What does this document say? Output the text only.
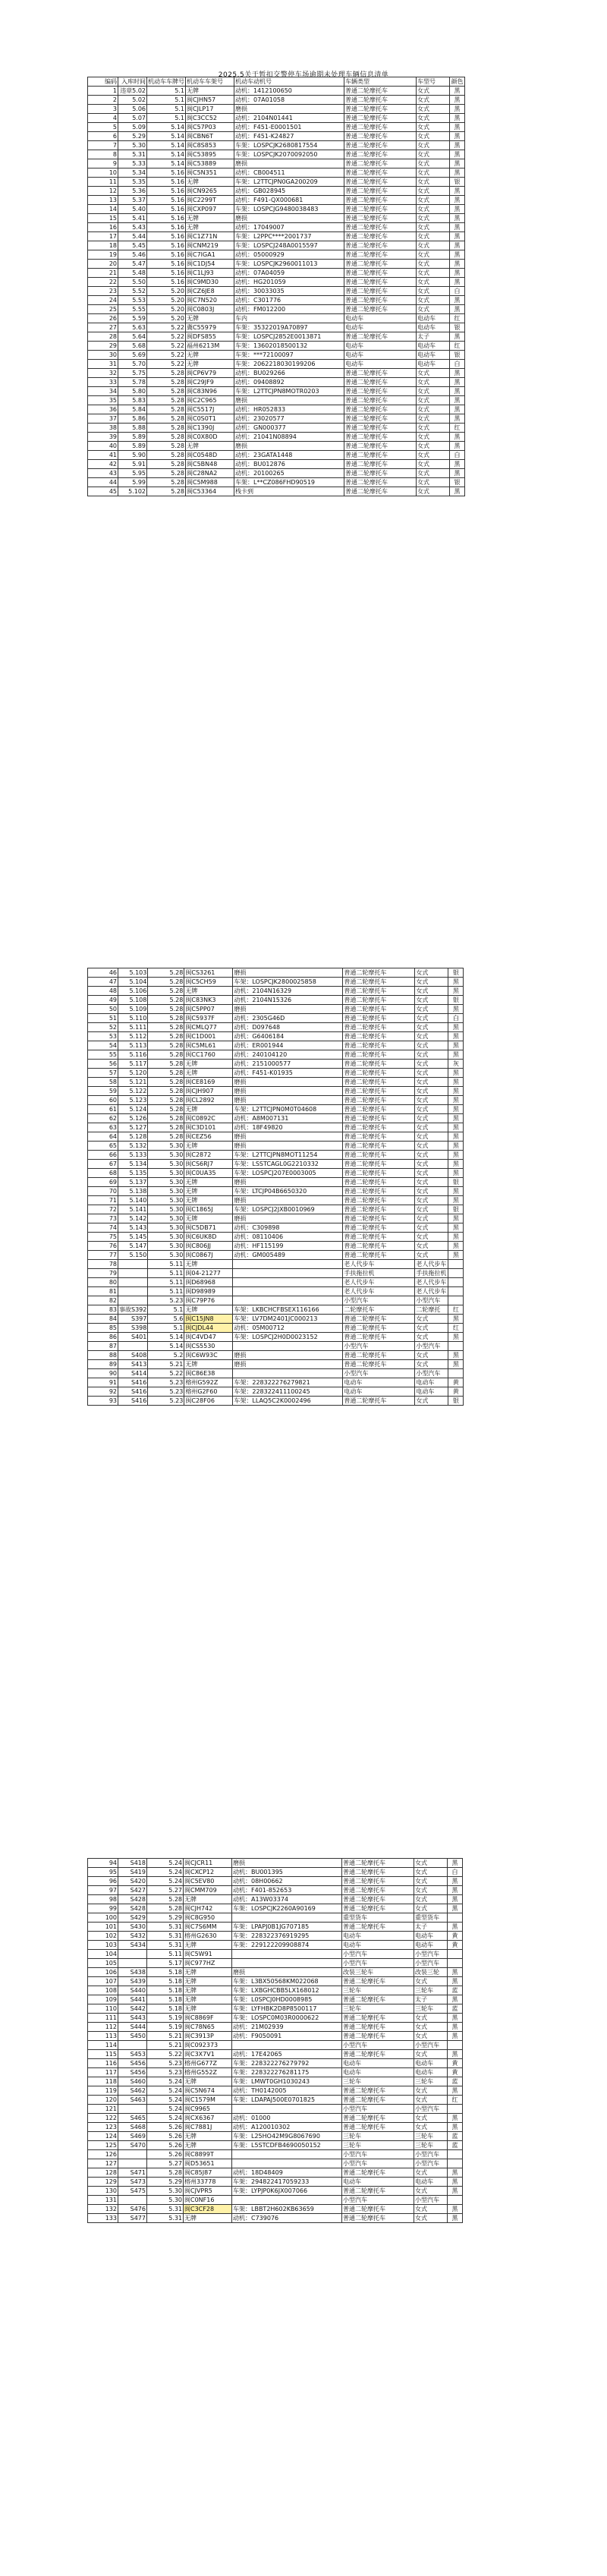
2025.5关于暂扣交警停车场逾期未处理车辆信息清单
编码	入库时间	机动车车牌号	机动车车架号	机动车动机号	车辆类型	车型号	颜色
1	违章5.02	5.1	无牌	动机：1412100650	普通二轮摩托车	女式	黑
2	5.02	5.1	闽CJHN57	动机：07A01058	普通二轮摩托车	女式	黑
3	5.06	5.1	闽CJLP17	磨损	普通二轮摩托车	女式	黑
4	5.07	5.1	闽C3CC52	动机：2104N01441	普通二轮摩托车	女式	黑
5	5.09	5.14	闽C57P03	动机：F451-E0001501	普通二轮摩托车	女式	黑
6	5.29	5.14	闽CBN6T	动机：F451-K24827	普通二轮摩托车	女式	黑
7	5.30	5.14	闽C8S853	车架：LOSPCJK2680817554	普通二轮摩托车	女式	黑
8	5.31	5.14	闽C53895	车架：LOSPCJK2070092050	普通二轮摩托车	女式	黑
9	5.33	5.14	闽C53889	磨损	普通二轮摩托车	女式	黑
10	5.34	5.16	闽C5N351	动机：CB004511	普通二轮摩托车	女式	黑
11	5.35	5.16	无牌	车架：L2TTCJPN0GA200209	普通二轮摩托车	女式	银
12	5.36	5.16	闽CN9265	动机：GB028945	普通二轮摩托车	女式	黑
13	5.37	5.16	闽C2299T	动机：F491-QX000681	普通二轮摩托车	女式	黑
14	5.40	5.16	闽CXP097	车架：LOSPCJG9480038483	普通二轮摩托车	女式	黑
15	5.41	5.16	无牌	磨损	普通二轮摩托车	女式	黑
16	5.43	5.16	无牌	动机：17049007	普通二轮摩托车	女式	黑
17	5.44	5.16	闽C1Z71N	车架：L2PPC****2001737	普通二轮摩托车	女式	黑
18	5.45	5.16	闽CNM219	车架：LOSPCJ248A0015597	普通二轮摩托车	女式	黑
19	5.46	5.16	闽C7IGA1	动机：05000929	普通二轮摩托车	女式	黑
20	5.47	5.16	闽C1DJ54	车架：LOSPCJK2960011013	普通二轮摩托车	女式	黑
21	5.48	5.16	闽C1LJ93	动机：07A04059	普通二轮摩托车	女式	黑
22	5.50	5.16	闽C9MD30	动机：HG201059	普通二轮摩托车	女式	黑
23	5.52	5.20	闽CZ6JE8	动机：30033035	普通二轮摩托车	女式	白
24	5.53	5.20	闽C7N520	动机：C301776	普通二轮摩托车	女式	黑
25	5.55	5.20	闽C0803J	动机：FM012200	普通二轮摩托车	女式	黑
26	5.59	5.20	无牌	车内	电动车	电动车	红
27	5.63	5.22	冀C55979	车架：35322019A70897	电动车	电动车	银
28	5.64	5.22	闽DFS855	车架：LOSPCJ2852E0013871	普通二轮摩托车	太子	黑
29	5.68	5.22	福州6213M	车架：13602018500132	电动车	电动车	红
30	5.69	5.22	无牌	车架：***72100097	电动车	电动车	银
31	5.70	5.22	无牌	车架：2062218030199206	电动车	电动车	白
32	5.75	5.28	闽CP6V79	动机：BU029266	普通二轮摩托车	女式	黑
33	5.78	5.28	闽C29JF9	动机：09408892	普通二轮摩托车	女式	黑
34	5.80	5.28	闽C83N96	车架：L2TTCJPN8MOTR0203	普通二轮摩托车	女式	黑
35	5.83	5.28	闽C2C965	磨损	普通二轮摩托车	女式	黑
36	5.84	5.28	闽C5517J	动机：HR052833	普通二轮摩托车	女式	黑
37	5.86	5.28	闽C0S0T1	动机：23020577	普通二轮摩托车	女式	黑
38	5.88	5.28	闽C1390J	动机：GN000377	普通二轮摩托车	女式	红
39	5.89	5.28	闽C0X80D	动机：21041N08894	普通二轮摩托车	女式	黑
40	5.89	5.28	无牌	磨损	普通二轮摩托车	女式	黑
41	5.90	5.28	闽C0548D	动机：23GATA1448	普通二轮摩托车	女式	白
42	5.91	5.28	闽C5BN48	动机：BU012876	普通二轮摩托车	女式	黑
43	5.95	5.28	闽C28NA2	动机：20100265	普通二轮摩托车	女式	黑
44	5.99	5.28	闽C5M988	车架：L**CZ086FHD90519	普通二轮摩托车	女式	银
45	5.102	5.28	闽C53364	栈卡到	普通二轮摩托车	女式	黑
46	5.103	5.28	闽CS3261	磨损	普通二轮摩托车	女式	银
47	5.104	5.28	闽C5CH59	车架：LOSPCJK2800025858	普通二轮摩托车	女式	黑
48	5.106	5.28	无牌	动机：2104N16329	普通二轮摩托车	女式	黑
49	5.108	5.28	闽C83NK3	动机：2104N15326	普通二轮摩托车	女式	银
50	5.109	5.28	闽C5PP07	磨损	普通二轮摩托车	女式	黑
51	5.110	5.28	闽C5937F	动机：2305G46D	普通二轮摩托车	女式	白
52	5.111	5.28	闽CMLQ77	动机：D097648	普通二轮摩托车	女式	黑
53	5.112	5.28	闽C1D001	动机：G6406184	普通二轮摩托车	女式	黑
54	5.113	5.28	闽C5ML61	动机：ER001944	普通二轮摩托车	女式	黑
55	5.116	5.28	闽CC1760	动机：240104120	普通二轮摩托车	女式	黑
56	5.117	5.28	无牌	动机：2151000577	普通二轮摩托车	女式	灰
57	5.120	5.28	无牌	动机：F451-K01935	普通二轮摩托车	女式	黑
58	5.121	5.28	闽CE8169	磨损	普通二轮摩托车	女式	黑
59	5.122	5.28	闽CJH907	磨损	普通二轮摩托车	女式	黑
60	5.123	5.28	闽CL2892	磨损	普通二轮摩托车	女式	黑
61	5.124	5.28	无牌	车架：L2TTCJPN0M0T04608	普通二轮摩托车	女式	黑
62	5.126	5.28	闽C0892C	动机：A8M007131	普通二轮摩托车	女式	黑
63	5.127	5.28	闽C3D101	动机：18F49820	普通二轮摩托车	女式	黑
64	5.128	5.28	闽CEZ56	磨损	普通二轮摩托车	女式	黑
65	5.132	5.30	无牌	磨损	普通二轮摩托车	女式	黑
66	5.133	5.30	闽C2872	车架：L2TTCJPN8MOT11254	普通二轮摩托车	女式	黑
67	5.134	5.30	闽CS6RJ7	车架：LSSTCAGL0G2210332	普通二轮摩托车	女式	黑
68	5.135	5.30	闽C0UA35	车架：LOSPCJ207E0003005	普通二轮摩托车	女式	黑
69	5.137	5.30	无牌	磨损	普通二轮摩托车	女式	银
70	5.138	5.30	无牌	车架：LTCJP04B6650320	普通二轮摩托车	女式	黑
71	5.140	5.30	无牌	磨损	普通二轮摩托车	女式	黑
72	5.141	5.30	闽C1865J	车架：LOSPCJ2JXB0010969	普通二轮摩托车	女式	银
73	5.142	5.30	无牌	磨损	普通二轮摩托车	女式	黑
74	5.143	5.30	闽C5DB71	动机：C309898	普通二轮摩托车	女式	黑
75	5.145	5.30	闽C6UK8D	动机：08110406	普通二轮摩托车	女式	黑
76	5.147	5.30	闽C806JJ	动机：HF115199	普通二轮摩托车	女式	黑
77	5.150	5.30	闽C0867J	动机：GM005489	普通二轮摩托车	女式	黑
78		5.11	无牌		老人代步车	老人代步车	
79		5.11	闽04-21277		手扶拖拉机	手扶拖拉机	
80		5.11	闽D68968		老人代步车	老人代步车	
81		5.11	闽D98989		老人代步车	老人代步车	
82		5.23	闽C79P76		小型汽车	小型汽车	
83	事故S392	5.1	无牌	车架：LKBCHCFBSEX116166	二轮摩托车	二轮摩托	红
84	S397	5.6	闽C15JN8	车架：LV7DM2401JC000213	普通二轮摩托车	女式	黑
85	S398	5.1	闽CJDL44	动机：05M00712	普通二轮摩托车	女式	红
86	S401	5.14	闽C4VD47	车架：LOSPCJ2H0D0023152	普通二轮摩托车	女式	黑
87		5.14	闽CS5530		小型汽车	小型汽车	
88	S408	5.2	闽C6W93C	磨损	普通二轮摩托车	女式	黑
89	S413	5.21	无牌	磨损	普通二轮摩托车	女式	黑
90	S414	5.22	闽C86E38		小型汽车	小型汽车	
91	S416	5.23	榕州G592Z	车架：228322276279821	电动车	电动车	黄
92	S416	5.23	榕州G2F60	车架：228322411100245	电动车	电动车	黄
93	S416	5.23	闽C28F06	车架：LLAQ5C2K0002496	普通二轮摩托车	女式	银
94	S418	5.24	闽CJCR11	磨损	普通二轮摩托车	女式	黑
95	S419	5.24	闽CXCP12	动机：BU001395	普通二轮摩托车	女式	白
96	S420	5.24	闽C5EV80	动机：08H00662	普通二轮摩托车	女式	黑
97	S427	5.27	闽CMM709	动机：F401-852653	普通二轮摩托车	女式	黑
98	S428	5.28	无牌	动机：A13W03374	普通二轮摩托车	女式	黑
99	S428	5.28	闽CJH742	车架：LOSPCJK2260A90169	普通二轮摩托车	女式	黑
100	S429	5.29	闽C8G950		重型货车	重型货车	
101	S430	5.31	闽C7S6MM	车架：LPAPJ0B1JG707185	普通二轮摩托车	太子	黑
102	S432	5.31	榕州G2630	车架：228322376919295	电动车	电动车	黄
103	S434	5.31	无牌	车架：229122209908874	电动车	电动车	黄
104		5.11	闽C5W91		小型汽车	小型汽车	
105		5.17	闽C977HZ		小型汽车	小型汽车	
106	S438	5.18	无牌	磨损	改装三轮车	改装三轮	黑
107	S439	5.18	无牌	车架：L3BX50568KM022068	普通二轮摩托车	女式	黑
108	S440	5.18	无牌	车架：LXBGHCBB5LX168012	三轮车	三轮车	蓝
109	S441	5.18	无牌	车架：L0SPCJ0HD0008985	普通二轮摩托车	太子	黑
110	S442	5.18	无牌	车架：LYFHBK2D8P8500117	三轮车	三轮车	蓝
111	S443	5.19	闽C8869F	车架：LOSPC0M03R0000622	普通二轮摩托车	女式	黑
112	S444	5.19	闽C78N65	动机：21M02939	普通二轮摩托车	女式	黑
113	S450	5.21	闽C3913P	动机：F9050091	普通二轮摩托车	女式	黑
114		5.21	闽C092373		小型汽车	小型汽车	
115	S453	5.22	闽C3X7V1	动机：17E42065	普通二轮摩托车	女式	黑
116	S456	5.23	榕州G677Z	车架：228322276279792	电动车	电动车	黄
117	S456	5.23	榕州G552Z	车架：228322276281175	电动车	电动车	黄
118	S460	5.24	无牌	车架：LMWT0GH1030243	三轮车	三轮车	蓝
119	S462	5.24	闽C5N674	动机：TH0142005	普通二轮摩托车	女式	黑
120	S463	5.24	闽C1579M	车架：LDAPAJ500E0701825	普通二轮摩托车	女式	红
121		5.24	闽C9965		小型汽车	小型汽车	
122	S465	5.24	闽CX6367	动机：01000	普通二轮摩托车	女式	黑
123	S468	5.26	闽C7881J	动机：A120010302	普通二轮摩托车	女式	黑
124	S469	5.26	无牌	车架：L25HO42M9G8067690	三轮车	三轮车	蓝
125	S470	5.26	无牌	车架：L5STCDFB4690050152	三轮车	三轮车	蓝
126		5.26	闽C8899T		小型汽车	小型汽车	
127		5.27	闽D53651		小型汽车	小型汽车	
128	S471	5.28	闽C85J87	动机：18D48409	普通二轮摩托车	女式	黑
129	S473	5.29	榕州33778	车架：294822417059233	电动车	电动车	黑
130	S475	5.30	闽CJVPR5	车架：LYPJP0K6JX007066	普通二轮摩托车	女式	黑
131		5.30	闽C0NF16		小型汽车	小型汽车	
132	S476	5.31	闽C3CF28	车架：LBBT2H602KB63659	普通二轮摩托车	女式	黑
133	S477	5.31	无牌	动机：C739076	普通二轮摩托车	女式	黑
